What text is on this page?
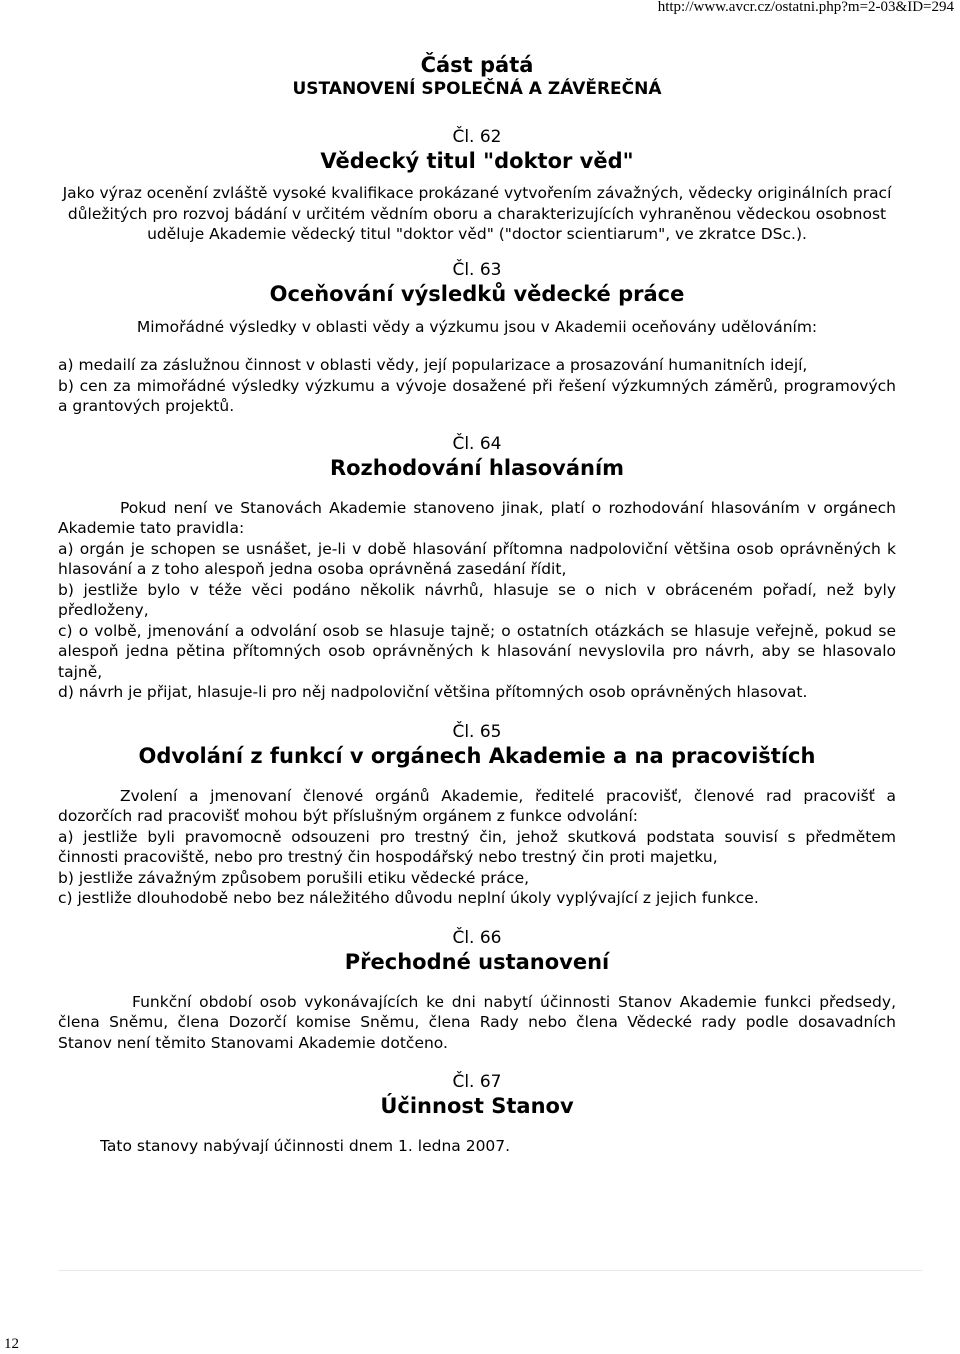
http://www.avcr.cz/ostatni.php?m=2-03&ID=294
Část pátá
USTANOVENÍ SPOLEČNÁ A ZÁVĚREČNÁ
Čl. 62
Vědecký titul "doktor věd"
Jako výraz ocenění zvláště vysoké kvalifikace prokázané vytvořením závažných, vědecky originálních prací důležitých pro rozvoj bádání v určitém vědním oboru a charakterizujících vyhraněnou vědeckou osobnost uděluje Akademie vědecký titul "doktor věd" ("doctor scientiarum", ve zkratce DSc.).
Čl. 63
Oceňování výsledků vědecké práce
Mimořádné výsledky v oblasti vědy a výzkumu jsou v Akademii oceňovány udělováním:
a) medailí za záslužnou činnost v oblasti vědy, její popularizace a prosazování humanitních idejí,
b) cen za mimořádné výsledky výzkumu a vývoje dosažené při řešení výzkumných záměrů, programových a grantových projektů.
Čl. 64
Rozhodování hlasováním
Pokud není ve Stanovách Akademie stanoveno jinak, platí o rozhodování hlasováním v orgánech Akademie tato pravidla:
a) orgán je schopen se usnášet, je-li v době hlasování přítomna nadpoloviční většina osob oprávněných k hlasování a z toho alespoň jedna osoba oprávněná zasedání řídit,
b) jestliže bylo v téže věci podáno několik návrhů, hlasuje se o nich v obráceném pořadí, než byly předloženy,
c) o volbě, jmenování a odvolání osob se hlasuje tajně; o ostatních otázkách se hlasuje veřejně, pokud se alespoň jedna pětina přítomných osob oprávněných k hlasování nevyslovila pro návrh, aby se hlasovalo tajně,
d) návrh je přijat, hlasuje-li pro něj nadpoloviční většina přítomných osob oprávněných hlasovat.
Čl. 65
Odvolání z funkcí v orgánech Akademie a na pracovištích
Zvolení a jmenovaní členové orgánů Akademie, ředitelé pracovišť, členové rad pracovišť a dozorčích rad pracovišť mohou být příslušným orgánem z funkce odvolání:
a) jestliže byli pravomocně odsouzeni pro trestný čin, jehož skutková podstata souvisí s předmětem činnosti pracoviště, nebo pro trestný čin hospodářský nebo trestný čin proti majetku,
b) jestliže závažným způsobem porušili etiku vědecké práce,
c) jestliže dlouhodobě nebo bez náležitého důvodu neplní úkoly vyplývající z jejich funkce.
Čl. 66
Přechodné ustanovení
Funkční období osob vykonávajících ke dni nabytí účinnosti Stanov Akademie funkci předsedy, člena Sněmu, člena Dozorčí komise Sněmu, člena Rady nebo člena Vědecké rady podle dosavadních Stanov není těmito Stanovami Akademie dotčeno.
Čl. 67
Účinnost Stanov
Tato stanovy nabývají účinnosti dnem 1. ledna 2007.
12
